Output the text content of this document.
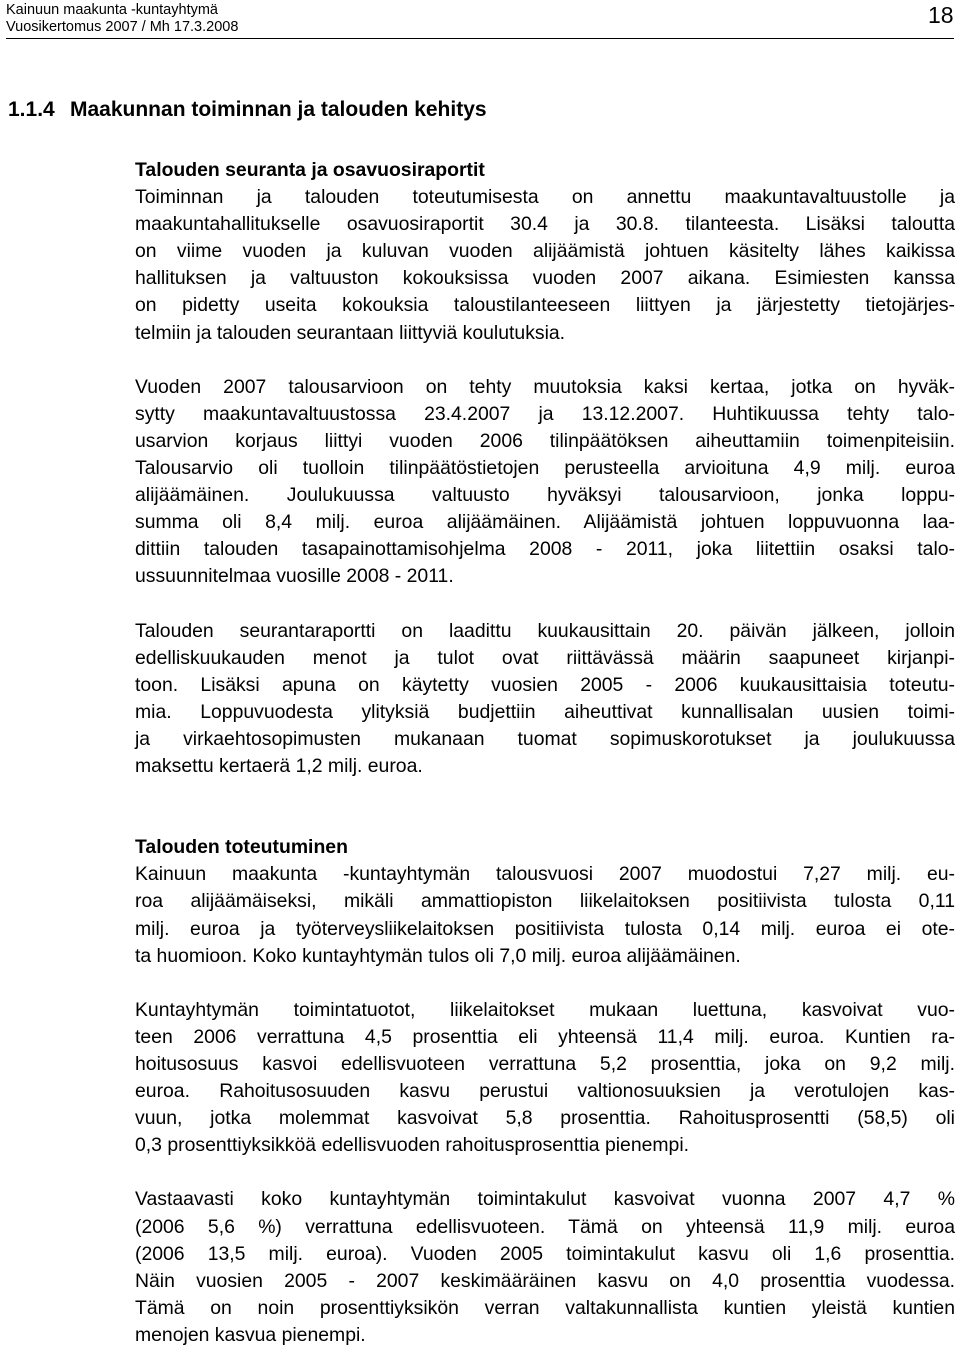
Kainuun maakunta -kuntayhtymä
Vuosikertomus 2007 / Mh 17.3.2008	18
1.1.4 Maakunnan toiminnan ja talouden kehitys
Talouden seuranta ja osavuosiraportit

Toiminnan ja talouden toteutumisesta on annettu maakuntavaltuustolle ja
maakuntahallitukselle osavuosiraportit 30.4 ja 30.8. tilanteesta. Lisäksi taloutta
on viime vuoden ja kuluvan vuoden alijäämistä johtuen käsitelty lähes kaikissa
hallituksen ja valtuuston kokouksissa vuoden 2007 aikana. Esimiesten kanssa
on pidetty useita kokouksia taloustilanteeseen liittyen ja järjestetty tietojärjes-
telmiin ja talouden seurantaan liittyviä koulutuksia.

Vuoden 2007 talousarvioon on tehty muutoksia kaksi kertaa, jotka on hyväk-
sytty maakuntavaltuustossa 23.4.2007 ja 13.12.2007. Huhtikuussa tehty talo-
usarvion korjaus liittyi vuoden 2006 tilinpäätöksen aiheuttamiin toimenpiteisiin.
Talousarvio oli tuolloin tilinpäätöstietojen perusteella arvioituna 4,9 milj. euroa
alijäämäinen. Joulukuussa valtuusto hyväksyi talousarvioon, jonka loppu-
summa oli 8,4 milj. euroa alijäämäinen. Alijäämistä johtuen loppuvuonna laa-
dittiin talouden tasapainottamisohjelma 2008 - 2011, joka liitettiin osaksi talo-
ussuunnitelmaa vuosille 2008 - 2011.

Talouden seurantaraportti on laadittu kuukausittain 20. päivän jälkeen, jolloin
edelliskuukauden menot ja tulot ovat riittävässä määrin saapuneet kirjanpi-
toon. Lisäksi apuna on käytetty vuosien 2005 - 2006 kuukausittaisia toteutu-
mia. Loppuvuodesta ylityksiä budjettiin aiheuttivat kunnallisalan uusien toimi-
ja virkaehtosopimusten mukanaan tuomat sopimuskorotukset ja joulukuussa
maksettu kertaerä 1,2 milj. euroa.

Talouden toteutuminen

Kainuun maakunta -kuntayhtymän talousvuosi 2007 muodostui 7,27 milj. eu-
roa alijäämäiseksi, mikäli ammattiopiston liikelaitoksen positiivista tulosta 0,11
milj. euroa ja työterveysliikelaitoksen positiivista tulosta 0,14 milj. euroa ei ote-
ta huomioon. Koko kuntayhtymän tulos oli 7,0 milj. euroa alijäämäinen.

Kuntayhtymän toimintatuotot, liikelaitokset mukaan luettuna, kasvoivat vuo-
teen 2006 verrattuna 4,5 prosenttia eli yhteensä 11,4 milj. euroa. Kuntien ra-
hoitusosuus kasvoi edellisvuoteen verrattuna 5,2 prosenttia, joka on 9,2 milj.
euroa. Rahoitusosuuden kasvu perustui valtionosuuksien ja verotulojen kas-
vuun, jotka molemmat kasvoivat 5,8 prosenttia. Rahoitusprosentti (58,5) oli
0,3 prosenttiyksikköä edellisvuoden rahoitusprosenttia pienempi.

Vastaavasti koko kuntayhtymän toimintakulut kasvoivat vuonna 2007 4,7 %
(2006 5,6 %) verrattuna edellisvuoteen. Tämä on yhteensä 11,9 milj. euroa
(2006 13,5 milj. euroa). Vuoden 2005 toimintakulut kasvu oli 1,6 prosenttia.
Näin vuosien 2005 - 2007 keskimääräinen kasvu on 4,0 prosenttia vuodessa.
Tämä on noin prosenttiyksikön verran valtakunnallista kuntien yleistä kuntien
menojen kasvua pienempi.
